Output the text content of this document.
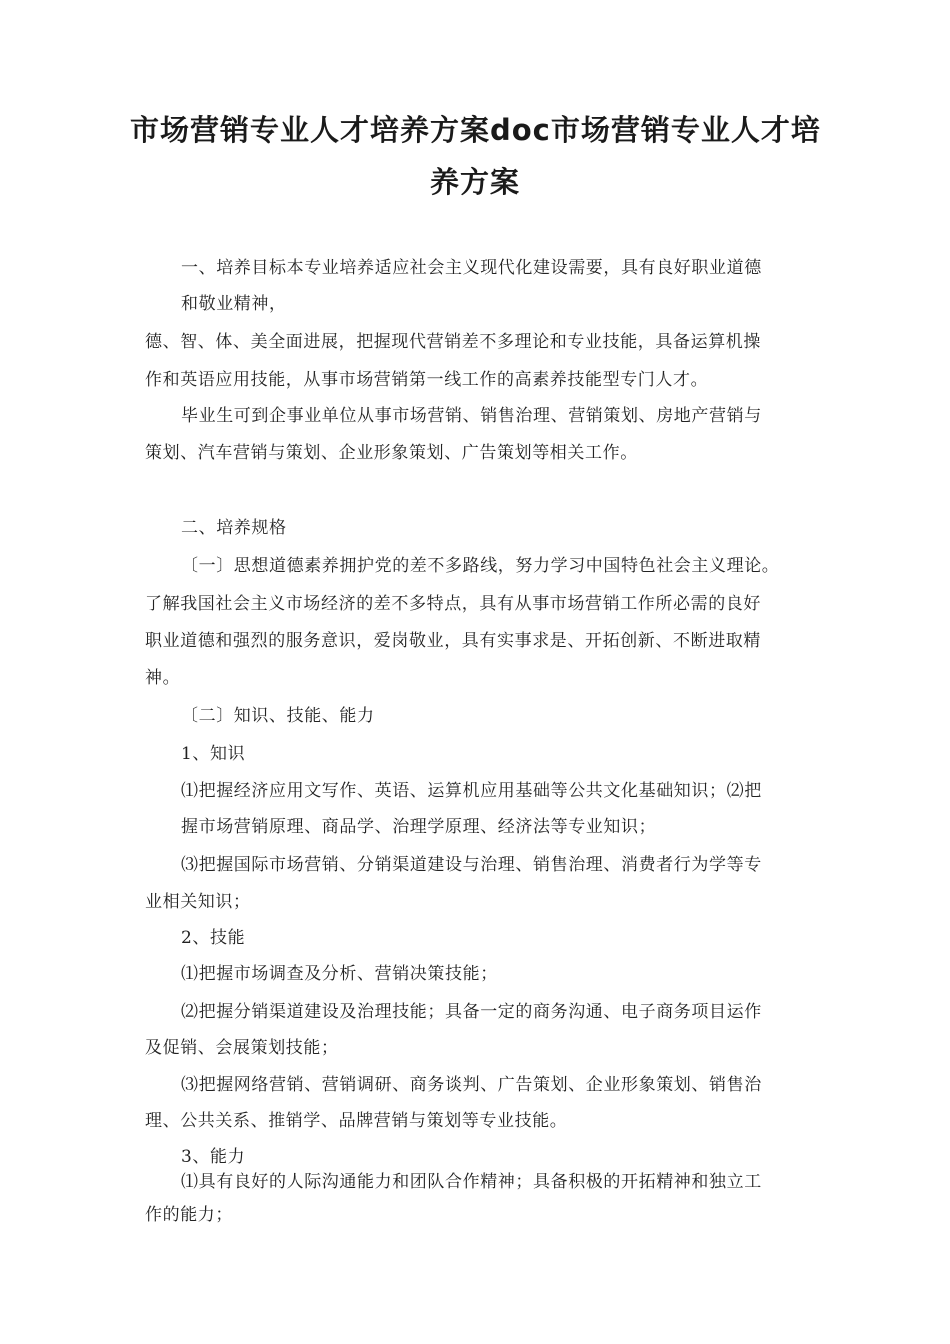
市场营销专业人才培养方案doc市场营销专业人才培
养方案

一、培养目标本专业培养适应社会主义现代化建设需要，具有良好职业道德

和敬业精神，

德、智、体、美全面进展，把握现代营销差不多理论和专业技能，具备运算机操

作和英语应用技能，从事市场营销第一线工作的高素养技能型专门人才。

毕业生可到企事业单位从事市场营销、销售治理、营销策划、房地产营销与

策划、汽车营销与策划、企业形象策划、广告策划等相关工作。

二、培养规格

〔一〕思想道德素养拥护党的差不多路线，努力学习中国特色社会主义理论。

了解我国社会主义市场经济的差不多特点，具有从事市场营销工作所必需的良好

职业道德和强烈的服务意识，爱岗敬业，具有实事求是、开拓创新、不断进取精

神。

〔二〕知识、技能、能力

1、知识

⑴把握经济应用文写作、英语、运算机应用基础等公共文化基础知识；⑵把

握市场营销原理、商品学、治理学原理、经济法等专业知识；

⑶把握国际市场营销、分销渠道建设与治理、销售治理、消费者行为学等专

业相关知识；

2、技能

⑴把握市场调查及分析、营销决策技能；

⑵把握分销渠道建设及治理技能；具备一定的商务沟通、电子商务项目运作

及促销、会展策划技能；

⑶把握网络营销、营销调研、商务谈判、广告策划、企业形象策划、销售治

理、公共关系、推销学、品牌营销与策划等专业技能。

3、能力

⑴具有良好的人际沟通能力和团队合作精神；具备积极的开拓精神和独立工

作的能力；
